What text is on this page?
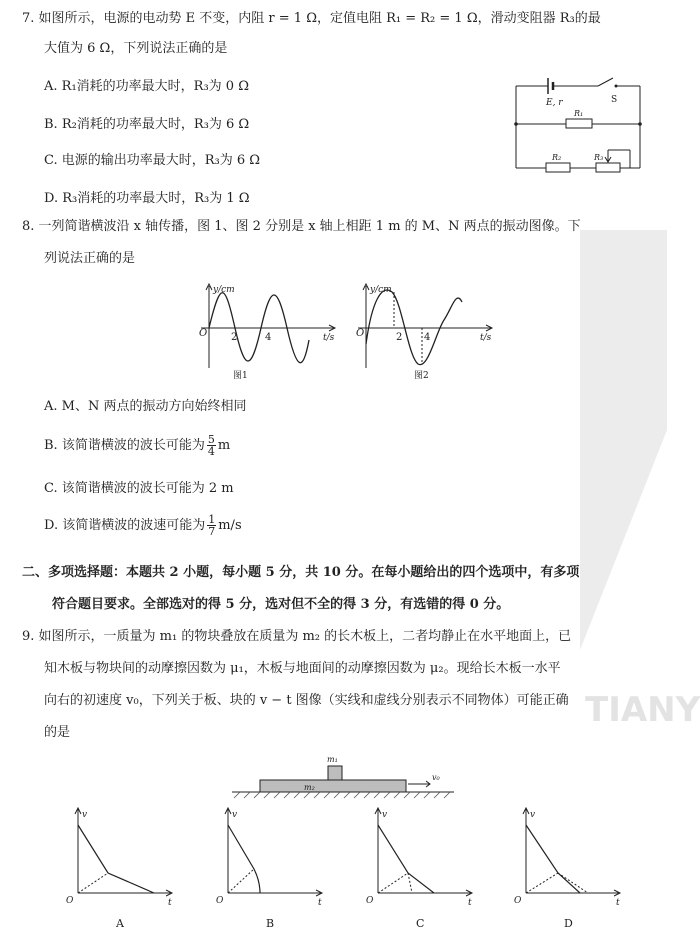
TIANY
7. 如图所示，电源的电动势 E 不变，内阻 r = 1 Ω，定值电阻 R₁ = R₂ = 1 Ω，滑动变阻器 R₃的最
大值为 6 Ω，下列说法正确的是
A. R₁消耗的功率最大时，R₃为 0 Ω
B. R₂消耗的功率最大时，R₃为 6 Ω
C. 电源的输出功率最大时，R₃为 6 Ω
D. R₃消耗的功率最大时，R₃为 1 Ω
E, r	S
R₁
R₂	R₃
8. 一列简谐横波沿 x 轴传播，图 1、图 2 分别是 x 轴上相距 1 m 的 M、N 两点的振动图像。下
列说法正确的是
y/cm
O 2	4	t/s
图1
y/cm
O	2 4	t/s
图2
A. M、N 两点的振动方向始终相同
B. 该简谐横波的波长可能为 $\frac{5}{4}$ m
C. 该简谐横波的波长可能为 2 m
D. 该简谐横波的波速可能为 $\frac{1}{7} m/s$
二、多项选择题：本题共 2 小题，每小题 5 分，共 10 分。在每小题给出的四个选项中，有多项
符合题目要求。全部选对的得 5 分，选对但不全的得 3 分，有选错的得 0 分。
9. 如图所示，一质量为 m₁ 的物块叠放在质量为 m₂ 的长木板上，二者均静止在水平地面上，已
知木板与物块间的动摩擦因数为 μ₁，木板与地面间的动摩擦因数为 μ₂。现给长木板一水平
向右的初速度 v₀，下列关于板、块的 v − t 图像（实线和虚线分别表示不同物体）可能正确
的是
m₁
m₂
v₀
v
O	t
A
v
O	t
B
v
O	t
C
v
O	t
D
